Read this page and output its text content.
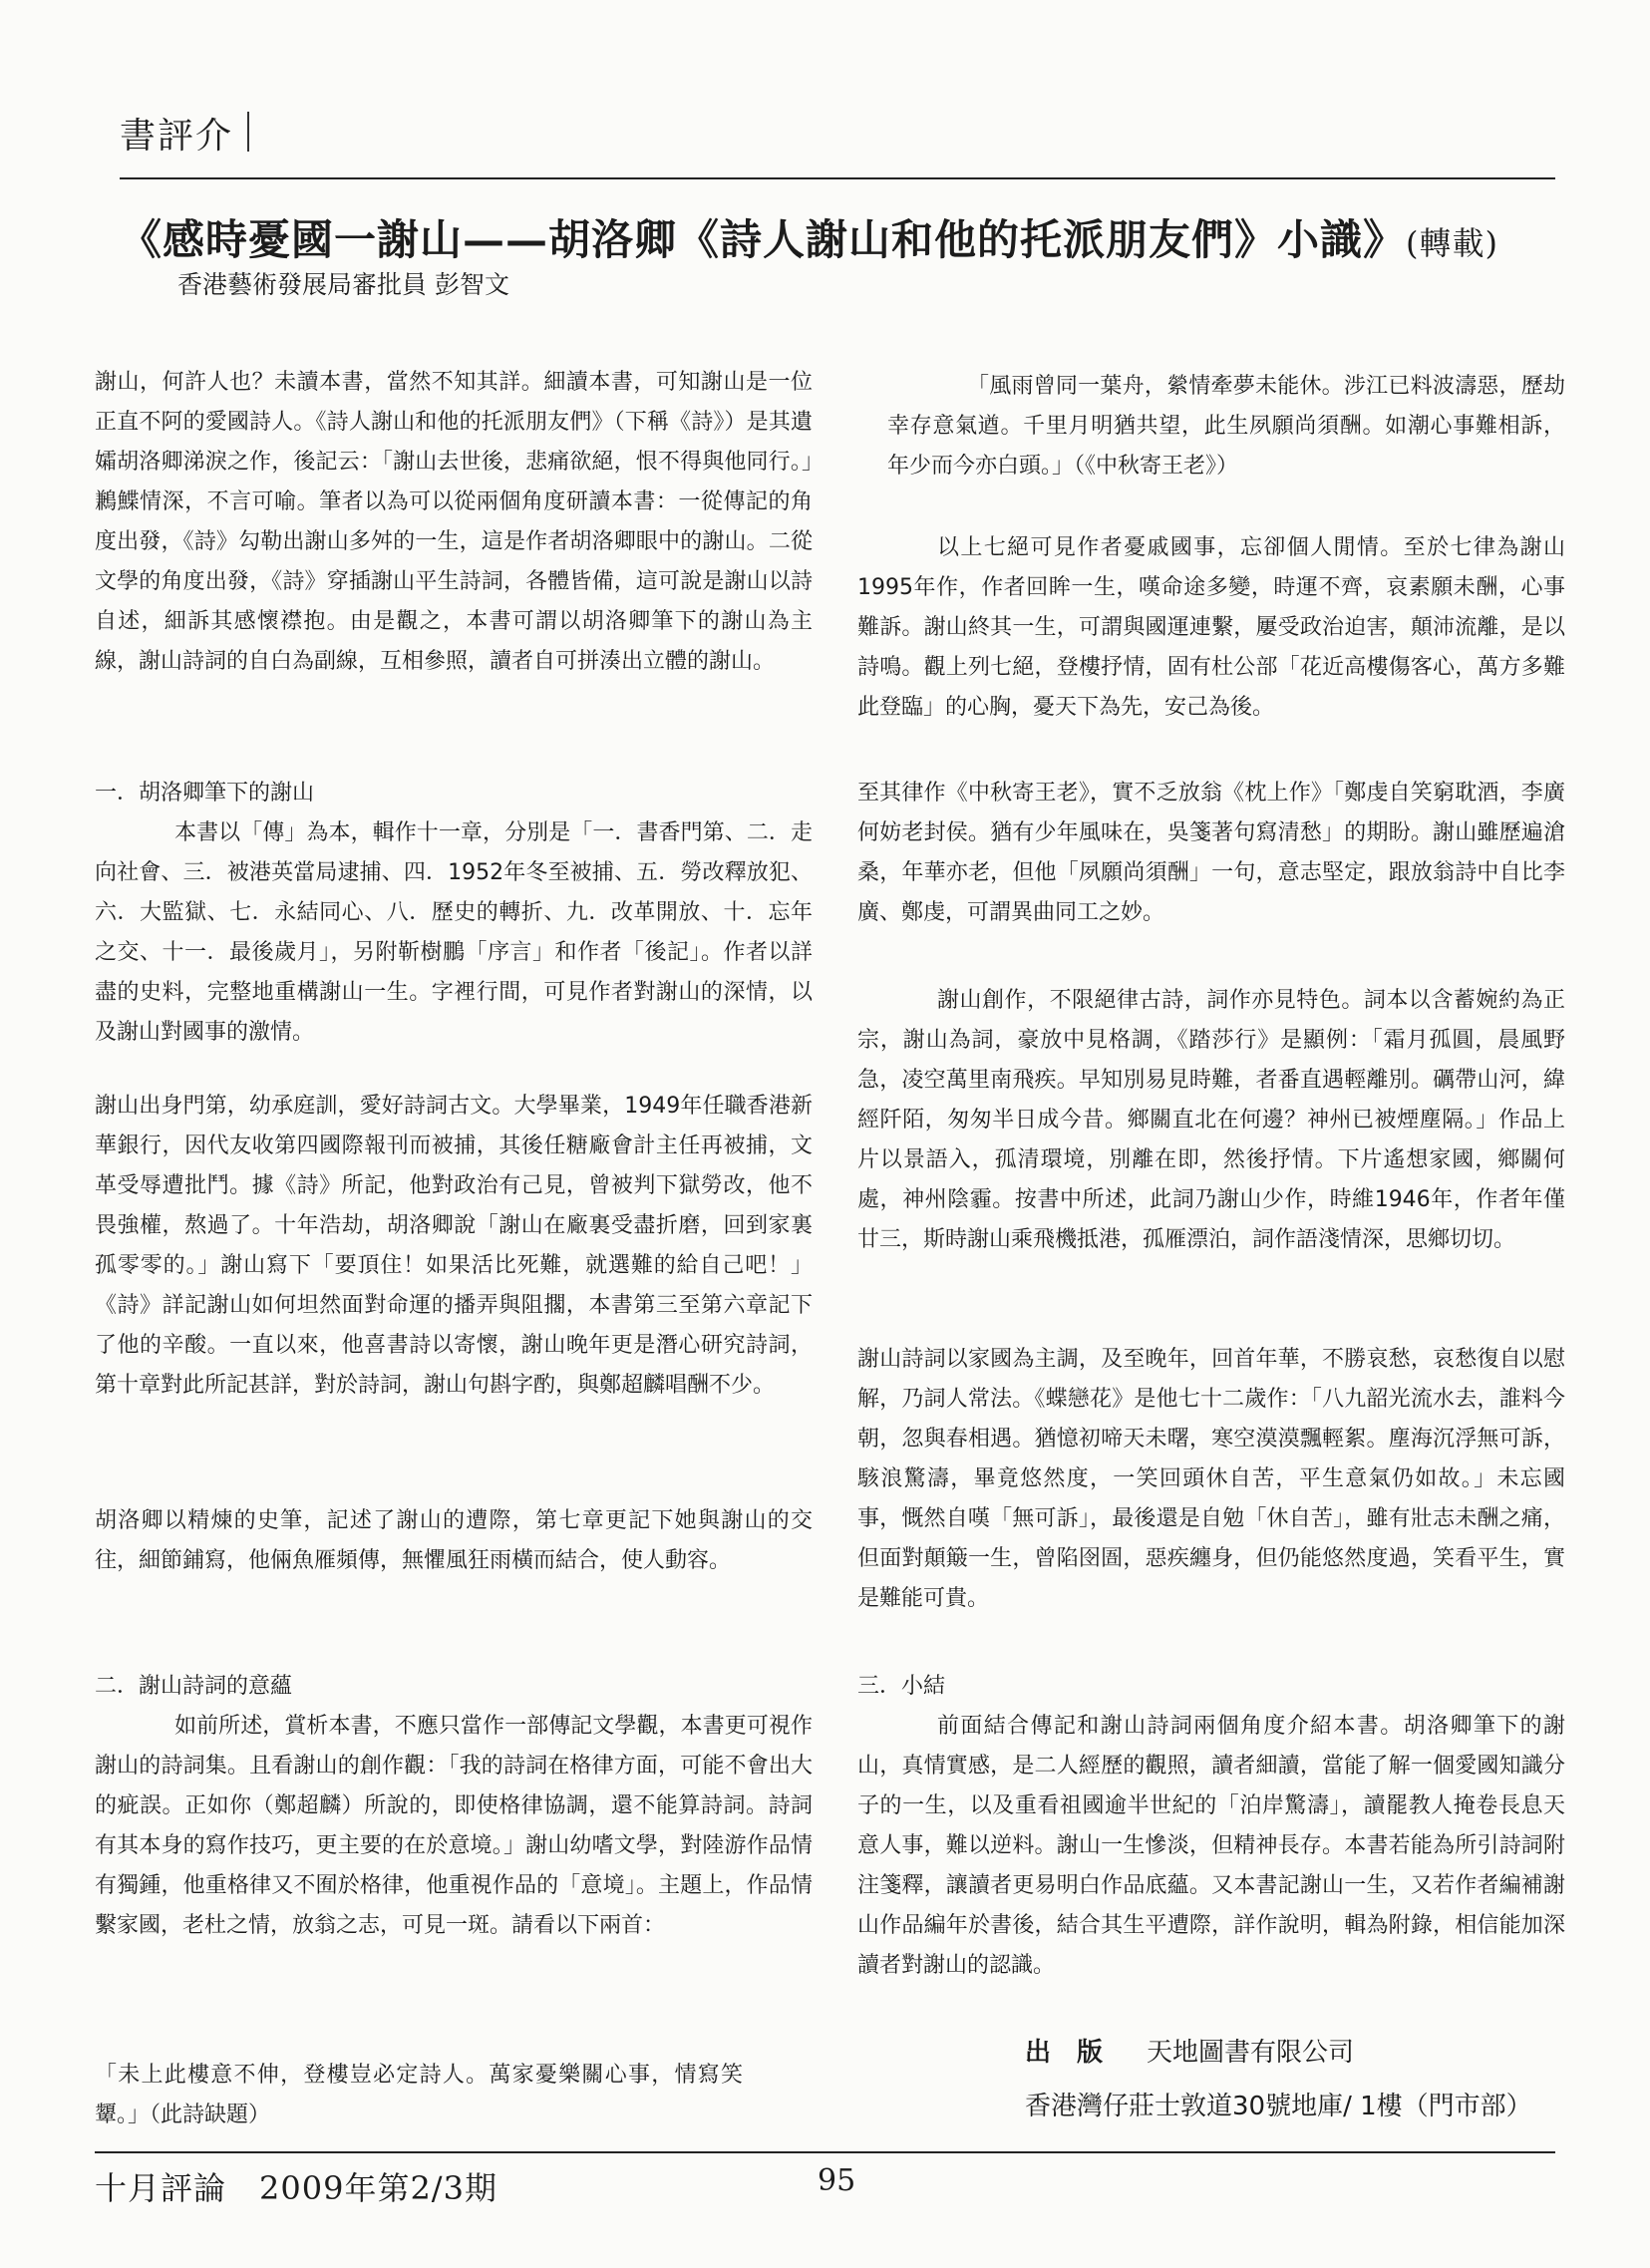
書評介
《感時憂國一謝山——胡洛卿《詩人謝山和他的托派朋友們》小識》(轉載)
香港藝術發展局審批員 彭智文

謝山，何許人也？未讀本書，當然不知其詳。細讀本書，可知謝山是一位正直不阿的愛國詩人。《詩人謝山和他的托派朋友們》（下稱《詩》）是其遺孀胡洛卿涕淚之作，後記云：「謝山去世後，悲痛欲絕，恨不得與他同行。」鶼鰈情深，不言可喻。筆者以為可以從兩個角度研讀本書：一從傳記的角度出發，《詩》勾勒出謝山多舛的一生，這是作者胡洛卿眼中的謝山。二從文學的角度出發，《詩》穿插謝山平生詩詞，各體皆備，這可說是謝山以詩自述，細訴其感懷襟抱。由是觀之，本書可謂以胡洛卿筆下的謝山為主線，謝山詩詞的自白為副線，互相參照，讀者自可拼湊出立體的謝山。

一．胡洛卿筆下的謝山

本書以「傳」為本，輯作十一章，分別是「一．書香門第、二．走向社會、三．被港英當局逮捕、四．1952年冬至被捕、五．勞改釋放犯、六．大監獄、七．永結同心、八．歷史的轉折、九．改革開放、十．忘年之交、十一．最後歲月」，另附靳樹鵬「序言」和作者「後記」。作者以詳盡的史料，完整地重構謝山一生。字裡行間，可見作者對謝山的深情，以及謝山對國事的激情。

謝山出身門第，幼承庭訓，愛好詩詞古文。大學畢業，1949年任職香港新華銀行，因代友收第四國際報刊而被捕，其後任糖廠會計主任再被捕，文革受辱遭批鬥。據《詩》所記，他對政治有己見，曾被判下獄勞改，他不畏強權，熬過了。十年浩劫，胡洛卿說「謝山在廠裏受盡折磨，回到家裏孤零零的。」謝山寫下「要頂住！如果活比死難，就選難的給自己吧！」《詩》詳記謝山如何坦然面對命運的播弄與阻擱，本書第三至第六章記下了他的辛酸。一直以來，他喜書詩以寄懷，謝山晚年更是潛心研究詩詞，第十章對此所記甚詳，對於詩詞，謝山句斟字酌，與鄭超麟唱酬不少。

胡洛卿以精煉的史筆，記述了謝山的遭際，第七章更記下她與謝山的交往，細節鋪寫，他倆魚雁頻傳，無懼風狂雨橫而結合，使人動容。

二．謝山詩詞的意蘊

如前所述，賞析本書，不應只當作一部傳記文學觀，本書更可視作謝山的詩詞集。且看謝山的創作觀：「我的詩詞在格律方面，可能不會出大的疵誤。正如你（鄭超麟）所說的，即使格律協調，還不能算詩詞。詩詞有其本身的寫作技巧，更主要的在於意境。」謝山幼嗜文學，對陸游作品情有獨鍾，他重格律又不囿於格律，他重視作品的「意境」。主題上，作品情繫家國，老杜之情，放翁之志，可見一斑。請看以下兩首：

「未上此樓意不伸，登樓豈必定詩人。萬家憂樂關心事，情寫笑顰。」（此詩缺題）

「風雨曾同一葉舟，縈情牽夢未能休。涉江已料波濤惡，歷劫幸存意氣遒。千里月明猶共望，此生夙願尚須酬。如潮心事難相訴，年少而今亦白頭。」（《中秋寄王老》）

以上七絕可見作者憂戚國事，忘卻個人閒情。至於七律為謝山1995年作，作者回眸一生，嘆命途多變，時運不齊，哀素願未酬，心事難訴。謝山終其一生，可謂與國運連繫，屢受政治迫害，顛沛流離，是以詩鳴。觀上列七絕，登樓抒情，固有杜公部「花近高樓傷客心，萬方多難此登臨」的心胸，憂天下為先，安己為後。

至其律作《中秋寄王老》，實不乏放翁《枕上作》「鄭虔自笑窮耽酒，李廣何妨老封侯。猶有少年風味在，吳箋著句寫清愁」的期盼。謝山雖歷遍滄桑，年華亦老，但他「夙願尚須酬」一句，意志堅定，跟放翁詩中自比李廣、鄭虔，可謂異曲同工之妙。

謝山創作，不限絕律古詩，詞作亦見特色。詞本以含蓄婉約為正宗，謝山為詞，豪放中見格調，《踏莎行》是顯例：「霜月孤圓，晨風野急，凌空萬里南飛疾。早知別易見時難，者番直遇輕離別。礪帶山河，緯經阡陌，匆匆半日成今昔。鄉關直北在何邊？神州已被煙塵隔。」作品上片以景語入，孤清環境，別離在即，然後抒情。下片遙想家國，鄉關何處，神州陰霾。按書中所述，此詞乃謝山少作，時維1946年，作者年僅廿三，斯時謝山乘飛機抵港，孤雁漂泊，詞作語淺情深，思鄉切切。

謝山詩詞以家國為主調，及至晚年，回首年華，不勝哀愁，哀愁復自以慰解，乃詞人常法。《蝶戀花》是他七十二歲作：「八九韶光流水去，誰料今朝，忽與春相遇。猶憶初啼天未曙，寒空漠漠飄輕絮。塵海沉浮無可訴，駭浪驚濤，畢竟悠然度，一笑回頭休自苦，平生意氣仍如故。」未忘國事，慨然自嘆「無可訴」，最後還是自勉「休自苦」，雖有壯志未酬之痛，但面對顛簸一生，曾陷囹圄，惡疾纏身，但仍能悠然度過，笑看平生，實是難能可貴。

三．小結

前面結合傳記和謝山詩詞兩個角度介紹本書。胡洛卿筆下的謝山，真情實感，是二人經歷的觀照，讀者細讀，當能了解一個愛國知識分子的一生，以及重看祖國逾半世紀的「泊岸驚濤」，讀罷教人掩卷長息天意人事，難以逆料。謝山一生慘淡，但精神長存。本書若能為所引詩詞附注箋釋，讓讀者更易明白作品底蘊。又本書記謝山一生，又若作者編補謝山作品編年於書後，結合其生平遭際，詳作說明，輯為附錄，相信能加深讀者對謝山的認識。

出版 天地圖書有限公司
香港灣仔莊士敦道30號地庫/ 1樓（門市部）
十月評論　2009年第2/3期	95
